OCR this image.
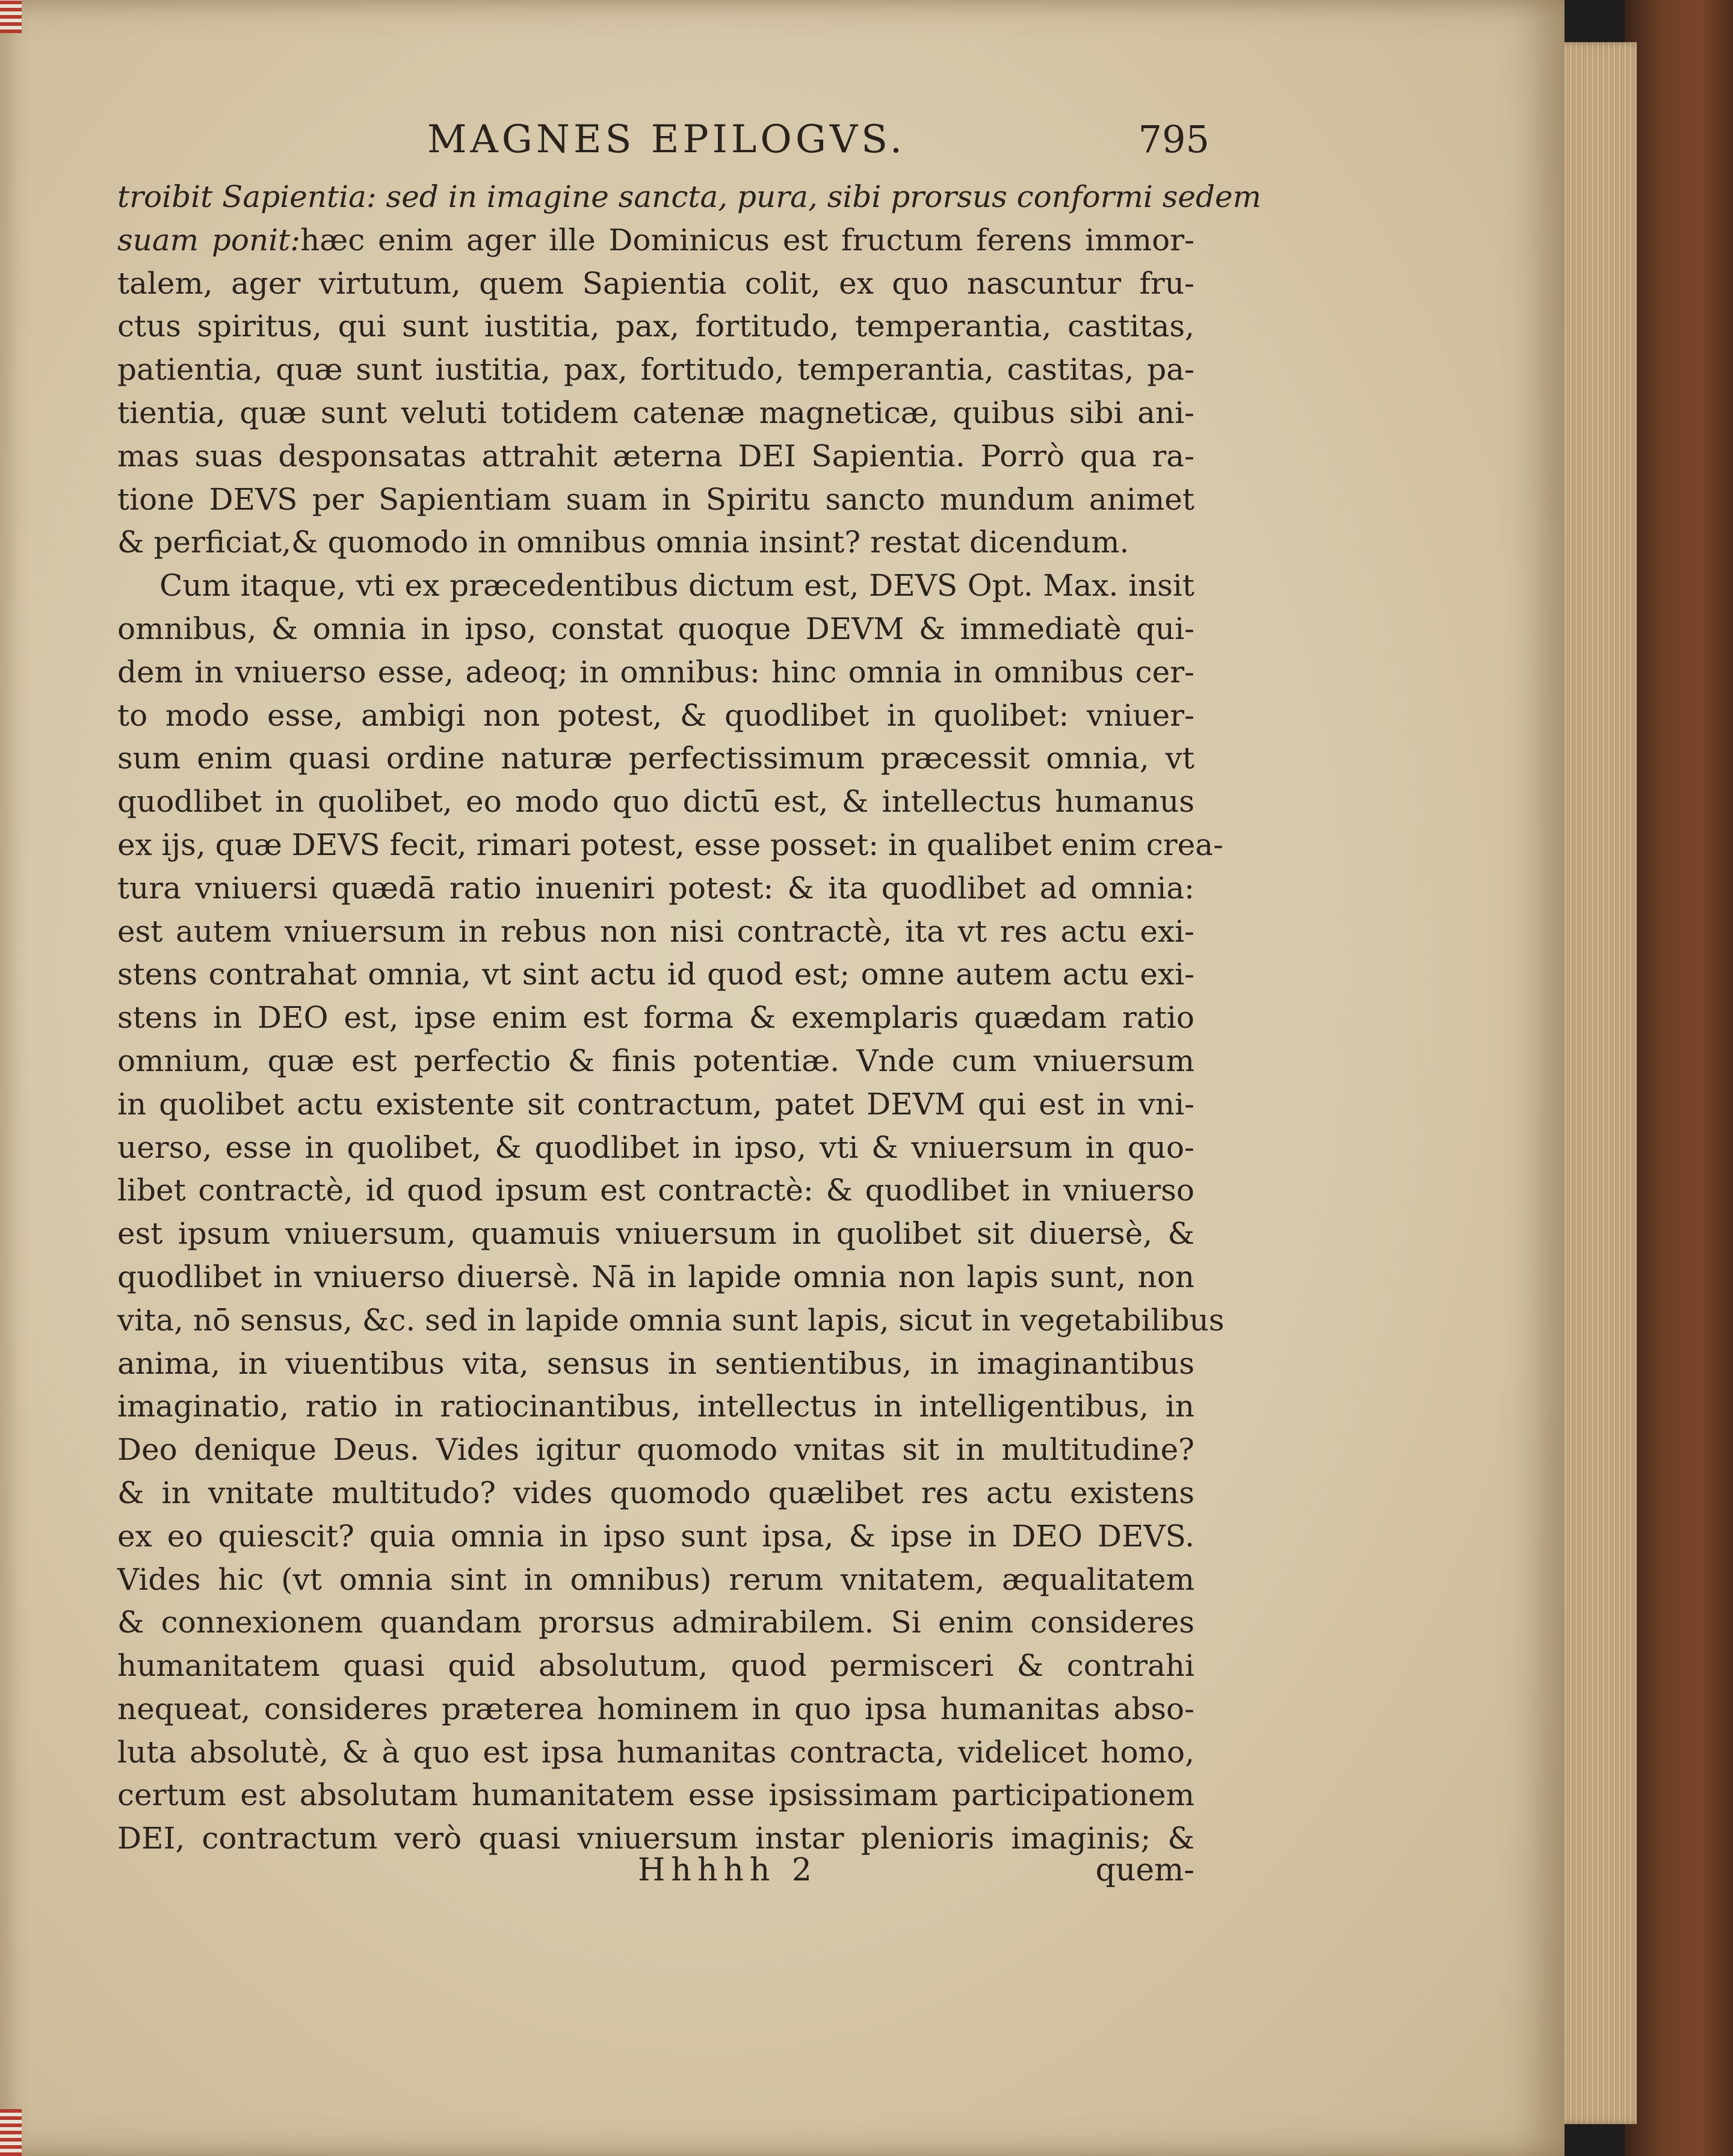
MAGNES EPILOGVS.	795
troibit Sapientia: sed in imagine sancta, pura, sibi prorsus conformi sedem
suam ponit:hæc enim ager ille Dominicus est fructum ferens immor-
talem, ager virtutum, quem Sapientia colit, ex quo nascuntur fru-
ctus spiritus, qui sunt iustitia, pax, fortitudo, temperantia, castitas,
patientia, quæ sunt iustitia, pax, fortitudo, temperantia, castitas, pa-
tientia, quæ sunt veluti totidem catenæ magneticæ, quibus sibi ani-
mas suas desponsatas attrahit æterna DEI Sapientia. Porrò qua ra-
tione DEVS per Sapientiam suam in Spiritu sancto mundum animet
& perficiat,& quomodo in omnibus omnia insint? restat dicendum.
Cum itaque, vti ex præcedentibus dictum est, DEVS Opt. Max. insit
omnibus, & omnia in ipso, constat quoque DEVM & immediatè qui-
dem in vniuerso esse, adeoq; in omnibus: hinc omnia in omnibus cer-
to modo esse, ambigi non potest, & quodlibet in quolibet: vniuer-
sum enim quasi ordine naturæ perfectissimum præcessit omnia, vt
quodlibet in quolibet, eo modo quo dictū est, & intellectus humanus
ex ijs, quæ DEVS fecit, rimari potest, esse posset: in qualibet enim crea-
tura vniuersi quædā ratio inueniri potest: & ita quodlibet ad omnia:
est autem vniuersum in rebus non nisi contractè, ita vt res actu exi-
stens contrahat omnia, vt sint actu id quod est; omne autem actu exi-
stens in DEO est, ipse enim est forma & exemplaris quædam ratio
omnium, quæ est perfectio & finis potentiæ. Vnde cum vniuersum
in quolibet actu existente sit contractum, patet DEVM qui est in vni-
uerso, esse in quolibet, & quodlibet in ipso, vti & vniuersum in quo-
libet contractè, id quod ipsum est contractè: & quodlibet in vniuerso
est ipsum vniuersum, quamuis vniuersum in quolibet sit diuersè, &
quodlibet in vniuerso diuersè. Nā in lapide omnia non lapis sunt, non
vita, nō sensus, &c. sed in lapide omnia sunt lapis, sicut in vegetabilibus
anima, in viuentibus vita, sensus in sentientibus, in imaginantibus
imaginatio, ratio in ratiocinantibus, intellectus in intelligentibus, in
Deo denique Deus. Vides igitur quomodo vnitas sit in multitudine?
& in vnitate multitudo? vides quomodo quælibet res actu existens
ex eo quiescit? quia omnia in ipso sunt ipsa, & ipse in DEO DEVS.
Vides hic (vt omnia sint in omnibus) rerum vnitatem, æqualitatem
& connexionem quandam prorsus admirabilem. Si enim consideres
humanitatem quasi quid absolutum, quod permisceri & contrahi
nequeat, consideres præterea hominem in quo ipsa humanitas abso-
luta absolutè, & à quo est ipsa humanitas contracta, videlicet homo,
certum est absolutam humanitatem esse ipsissimam participationem
DEI, contractum verò quasi vniuersum instar plenioris imaginis; &
Hhhhh 2	quem-
